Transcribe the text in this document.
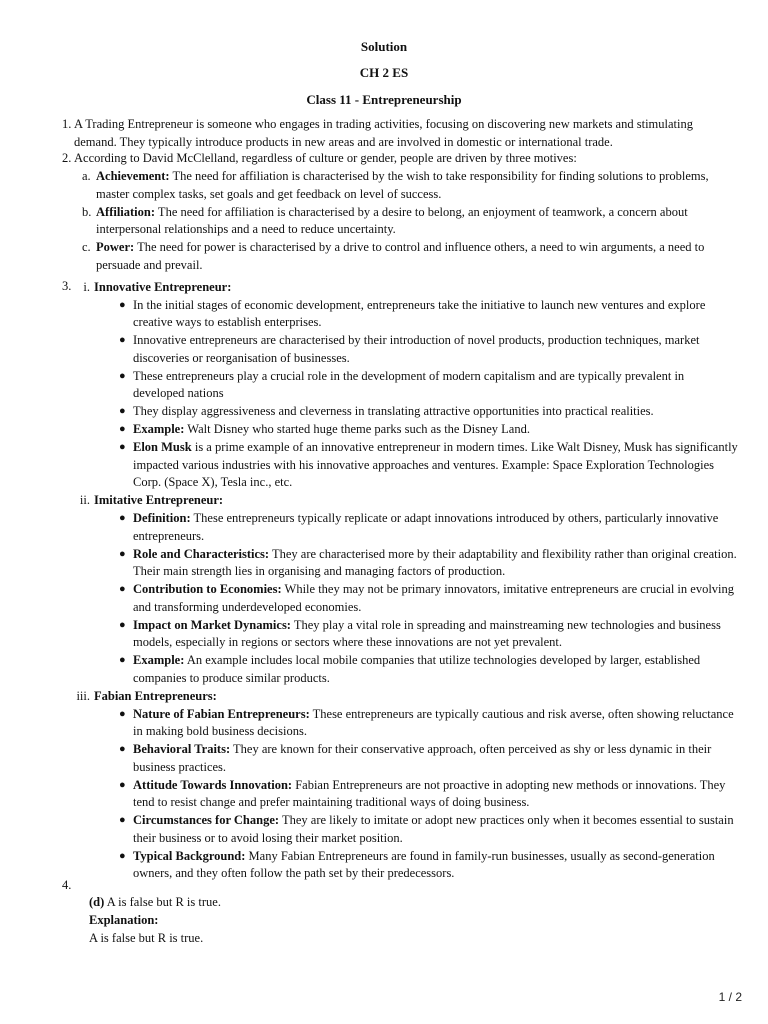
Solution
CH 2 ES
Class 11 - Entrepreneurship
1. A Trading Entrepreneur is someone who engages in trading activities, focusing on discovering new markets and stimulating demand. They typically introduce products in new areas and are involved in domestic or international trade.
2. According to David McClelland, regardless of culture or gender, people are driven by three motives:
a. Achievement: The need for affiliation is characterised by the wish to take responsibility for finding solutions to problems, master complex tasks, set goals and get feedback on level of success.
b. Affiliation: The need for affiliation is characterised by a desire to belong, an enjoyment of teamwork, a concern about interpersonal relationships and a need to reduce uncertainty.
c. Power: The need for power is characterised by a drive to control and influence others, a need to win arguments, a need to persuade and prevail.
3. i. Innovative Entrepreneur:
● In the initial stages of economic development, entrepreneurs take the initiative to launch new ventures and explore creative ways to establish enterprises.
● Innovative entrepreneurs are characterised by their introduction of novel products, production techniques, market discoveries or reorganisation of businesses.
● These entrepreneurs play a crucial role in the development of modern capitalism and are typically prevalent in developed nations
● They display aggressiveness and cleverness in translating attractive opportunities into practical realities.
● Example: Walt Disney who started huge theme parks such as the Disney Land.
● Elon Musk is a prime example of an innovative entrepreneur in modern times. Like Walt Disney, Musk has significantly impacted various industries with his innovative approaches and ventures. Example: Space Exploration Technologies Corp. (Space X), Tesla inc., etc.
ii. Imitative Entrepreneur:
● Definition: These entrepreneurs typically replicate or adapt innovations introduced by others, particularly innovative entrepreneurs.
● Role and Characteristics: They are characterised more by their adaptability and flexibility rather than original creation. Their main strength lies in organising and managing factors of production.
● Contribution to Economies: While they may not be primary innovators, imitative entrepreneurs are crucial in evolving and transforming underdeveloped economies.
● Impact on Market Dynamics: They play a vital role in spreading and mainstreaming new technologies and business models, especially in regions or sectors where these innovations are not yet prevalent.
● Example: An example includes local mobile companies that utilize technologies developed by larger, established companies to produce similar products.
iii. Fabian Entrepreneurs:
● Nature of Fabian Entrepreneurs: These entrepreneurs are typically cautious and risk averse, often showing reluctance in making bold business decisions.
● Behavioral Traits: They are known for their conservative approach, often perceived as shy or less dynamic in their business practices.
● Attitude Towards Innovation: Fabian Entrepreneurs are not proactive in adopting new methods or innovations. They tend to resist change and prefer maintaining traditional ways of doing business.
● Circumstances for Change: They are likely to imitate or adopt new practices only when it becomes essential to sustain their business or to avoid losing their market position.
● Typical Background: Many Fabian Entrepreneurs are found in family-run businesses, usually as second-generation owners, and they often follow the path set by their predecessors.
4.
(d) A is false but R is true.
Explanation:
A is false but R is true.
1 / 2
